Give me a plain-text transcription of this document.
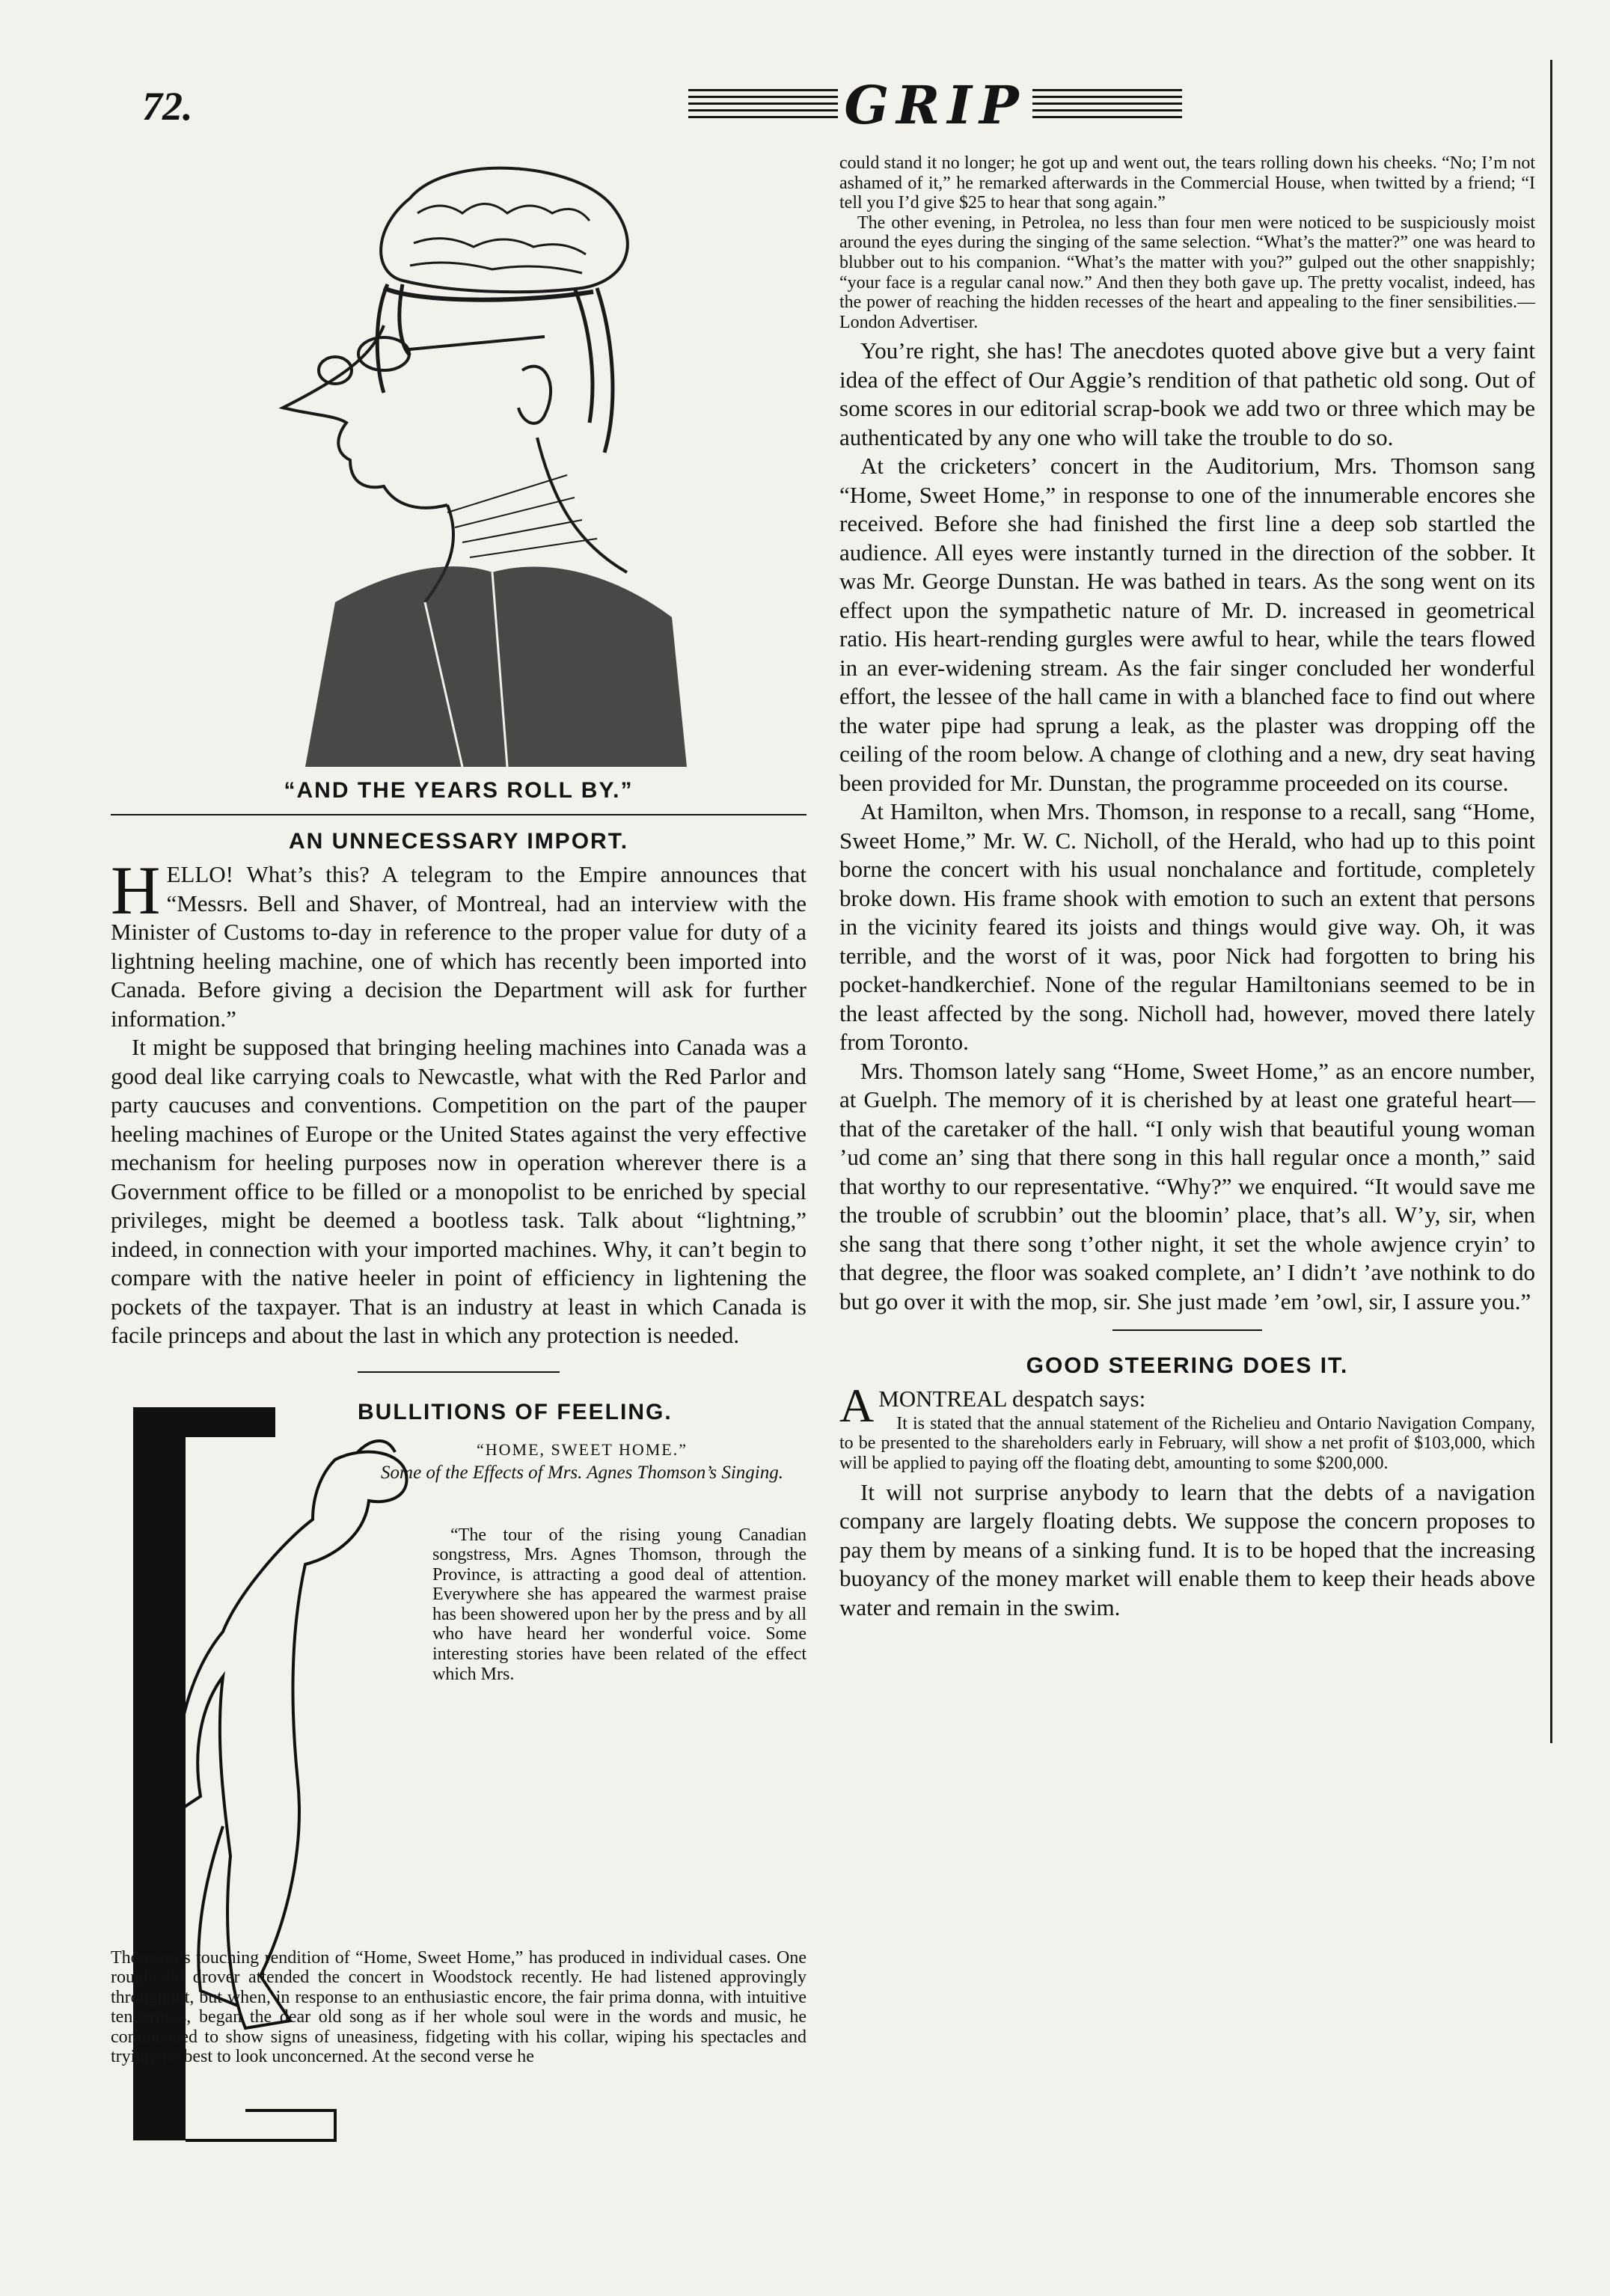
72.	GRIP
“AND THE YEARS ROLL BY.”
AN UNNECESSARY IMPORT.

HELLO! What’s this? A telegram to the Empire announces that “Messrs. Bell and Shaver, of Montreal, had an interview with the Minister of Customs to-day in reference to the proper value for duty of a lightning heeling machine, one of which has recently been imported into Canada. Before giving a decision the Department will ask for further information.”

It might be supposed that bringing heeling machines into Canada was a good deal like carrying coals to Newcastle, what with the Red Parlor and party caucuses and conventions. Competition on the part of the pauper heeling machines of Europe or the United States against the very effective mechanism for heeling purposes now in operation wherever there is a Government office to be filled or a monopolist to be enriched by special privileges, might be deemed a bootless task. Talk about “lightning,” indeed, in connection with your imported machines. Why, it can’t begin to compare with the native heeler in point of efficiency in lightening the pockets of the taxpayer. That is an industry at least in which Canada is facile princeps and about the last in which any protection is needed.

E
BULLITIONS OF FEELING.
“HOME, SWEET HOME.”
Some of the Effects of Mrs. Agnes Thomson’s Singing.

“The tour of the rising young Canadian songstress, Mrs. Agnes Thomson, through the Province, is attracting a good deal of attention. Everywhere she has appeared the warmest praise has been showered upon her by the press and by all who have heard her wonderful voice. Some interesting stories have been related of the effect which Mrs.

Thomson’s touching rendition of “Home, Sweet Home,” has produced in individual cases. One rough old drover attended the concert in Woodstock recently. He had listened approvingly throughout, but when, in response to an enthusiastic encore, the fair prima donna, with intuitive tenderness, began the dear old song as if her whole soul were in the words and music, he commenced to show signs of uneasiness, fidgeting with his collar, wiping his spectacles and trying his best to look unconcerned. At the second verse he

could stand it no longer; he got up and went out, the tears rolling down his cheeks. “No; I’m not ashamed of it,” he remarked afterwards in the Commercial House, when twitted by a friend; “I tell you I’d give $25 to hear that song again.”

The other evening, in Petrolea, no less than four men were noticed to be suspiciously moist around the eyes during the singing of the same selection. “What’s the matter?” one was heard to blubber out to his companion. “What’s the matter with you?” gulped out the other snappishly; “your face is a regular canal now.” And then they both gave up. The pretty vocalist, indeed, has the power of reaching the hidden recesses of the heart and appealing to the finer sensibilities.—London Advertiser.

You’re right, she has! The anecdotes quoted above give but a very faint idea of the effect of Our Aggie’s rendition of that pathetic old song. Out of some scores in our editorial scrap-book we add two or three which may be authenticated by any one who will take the trouble to do so.

At the cricketers’ concert in the Auditorium, Mrs. Thomson sang “Home, Sweet Home,” in response to one of the innumerable encores she received. Before she had finished the first line a deep sob startled the audience. All eyes were instantly turned in the direction of the sobber. It was Mr. George Dunstan. He was bathed in tears. As the song went on its effect upon the sympathetic nature of Mr. D. increased in geometrical ratio. His heart-rending gurgles were awful to hear, while the tears flowed in an ever-widening stream. As the fair singer concluded her wonderful effort, the lessee of the hall came in with a blanched face to find out where the water pipe had sprung a leak, as the plaster was dropping off the ceiling of the room below. A change of clothing and a new, dry seat having been provided for Mr. Dunstan, the programme proceeded on its course.

At Hamilton, when Mrs. Thomson, in response to a recall, sang “Home, Sweet Home,” Mr. W. C. Nicholl, of the Herald, who had up to this point borne the concert with his usual nonchalance and fortitude, completely broke down. His frame shook with emotion to such an extent that persons in the vicinity feared its joists and things would give way. Oh, it was terrible, and the worst of it was, poor Nick had forgotten to bring his pocket-handkerchief. None of the regular Hamiltonians seemed to be in the least affected by the song. Nicholl had, however, moved there lately from Toronto.

Mrs. Thomson lately sang “Home, Sweet Home,” as an encore number, at Guelph. The memory of it is cherished by at least one grateful heart—that of the caretaker of the hall. “I only wish that beautiful young woman ’ud come an’ sing that there song in this hall regular once a month,” said that worthy to our representative. “Why?” we enquired. “It would save me the trouble of scrubbin’ out the bloomin’ place, that’s all. W’y, sir, when she sang that there song t’other night, it set the whole awjence cryin’ to that degree, the floor was soaked complete, an’ I didn’t ’ave nothink to do but go over it with the mop, sir. She just made ’em ’owl, sir, I assure you.”

GOOD STEERING DOES IT.

AMONTREAL despatch says:

It is stated that the annual statement of the Richelieu and Ontario Navigation Company, to be presented to the shareholders early in February, will show a net profit of $103,000, which will be applied to paying off the floating debt, amounting to some $200,000.

It will not surprise anybody to learn that the debts of a navigation company are largely floating debts. We suppose the concern proposes to pay them by means of a sinking fund. It is to be hoped that the increasing buoyancy of the money market will enable them to keep their heads above water and remain in the swim.
